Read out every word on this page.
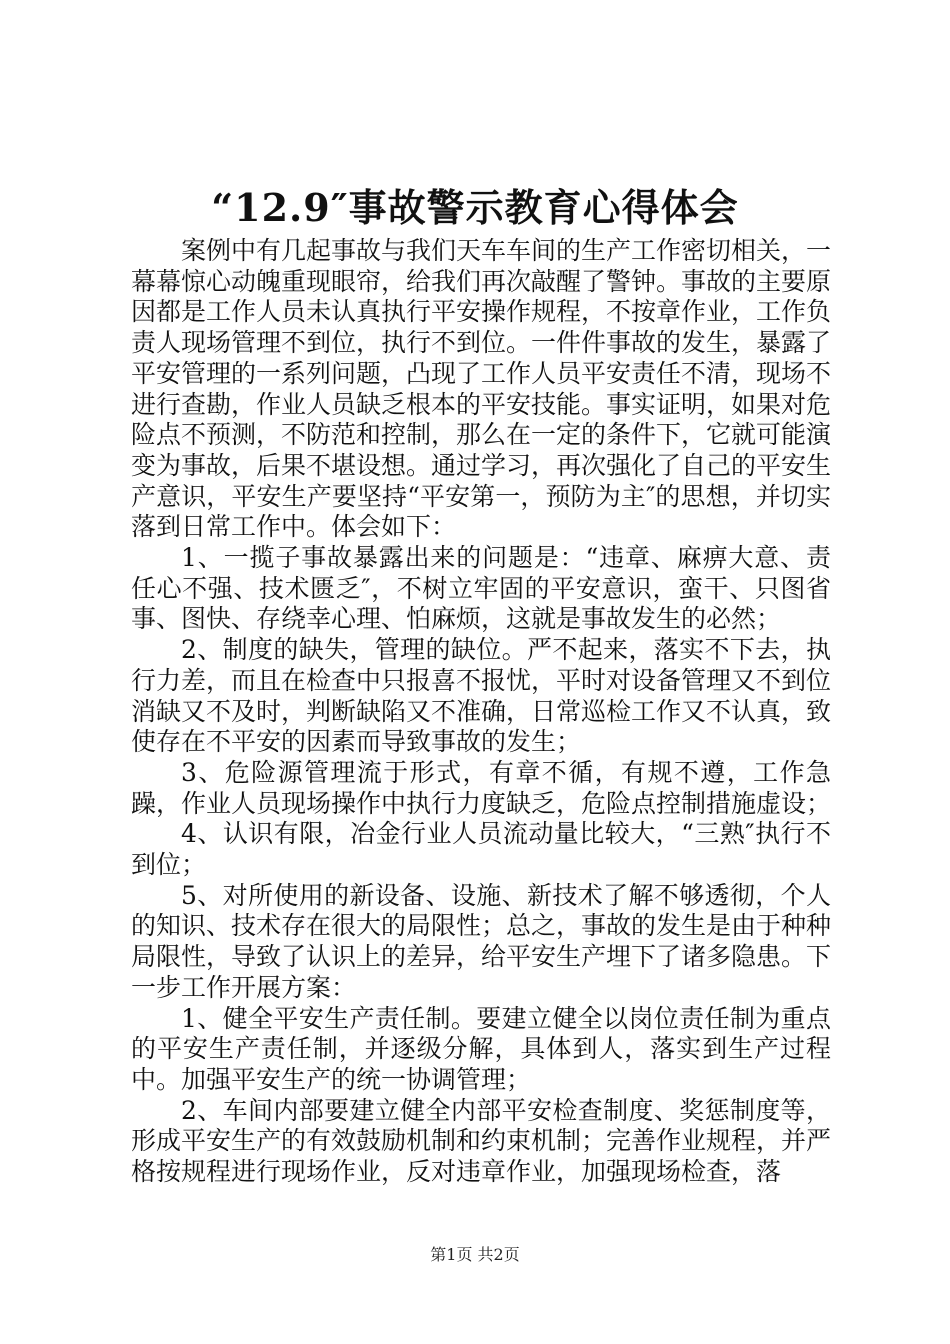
“12.9″事故警示教育心得体会

案例中有几起事故与我们天车车间的生产工作密切相关，一幕幕惊心动魄重现眼帘，给我们再次敲醒了警钟。事故的主要原因都是工作人员未认真执行平安操作规程，不按章作业，工作负责人现场管理不到位，执行不到位。一件件事故的发生，暴露了平安管理的一系列问题，凸现了工作人员平安责任不清，现场不进行查勘，作业人员缺乏根本的平安技能。事实证明，如果对危险点不预测，不防范和控制，那么在一定的条件下，它就可能演变为事故，后果不堪设想。通过学习，再次强化了自己的平安生产意识，平安生产要坚持“平安第一，预防为主″的思想，并切实落到日常工作中。体会如下：

1、一揽子事故暴露出来的问题是：“违章、麻痹大意、责任心不强、技术匮乏″，不树立牢固的平安意识，蛮干、只图省事、图快、存绕幸心理、怕麻烦，这就是事故发生的必然；

2、制度的缺失，管理的缺位。严不起来，落实不下去，执行力差，而且在检查中只报喜不报忧，平时对设备管理又不到位消缺又不及时，判断缺陷又不准确，日常巡检工作又不认真，致使存在不平安的因素而导致事故的发生；

3、危险源管理流于形式，有章不循，有规不遵，工作急躁，作业人员现场操作中执行力度缺乏，危险点控制措施虚设；

4、认识有限，冶金行业人员流动量比较大，“三熟″执行不到位；

5、对所使用的新设备、设施、新技术了解不够透彻，个人的知识、技术存在很大的局限性；总之，事故的发生是由于种种局限性，导致了认识上的差异，给平安生产埋下了诸多隐患。下一步工作开展方案：

1、健全平安生产责任制。要建立健全以岗位责任制为重点的平安生产责任制，并逐级分解，具体到人，落实到生产过程中。加强平安生产的统一协调管理；

2、车间内部要建立健全内部平安检查制度、奖惩制度等，形成平安生产的有效鼓励机制和约束机制；完善作业规程，并严格按规程进行现场作业，反对违章作业，加强现场检查，落

第1页 共2页
